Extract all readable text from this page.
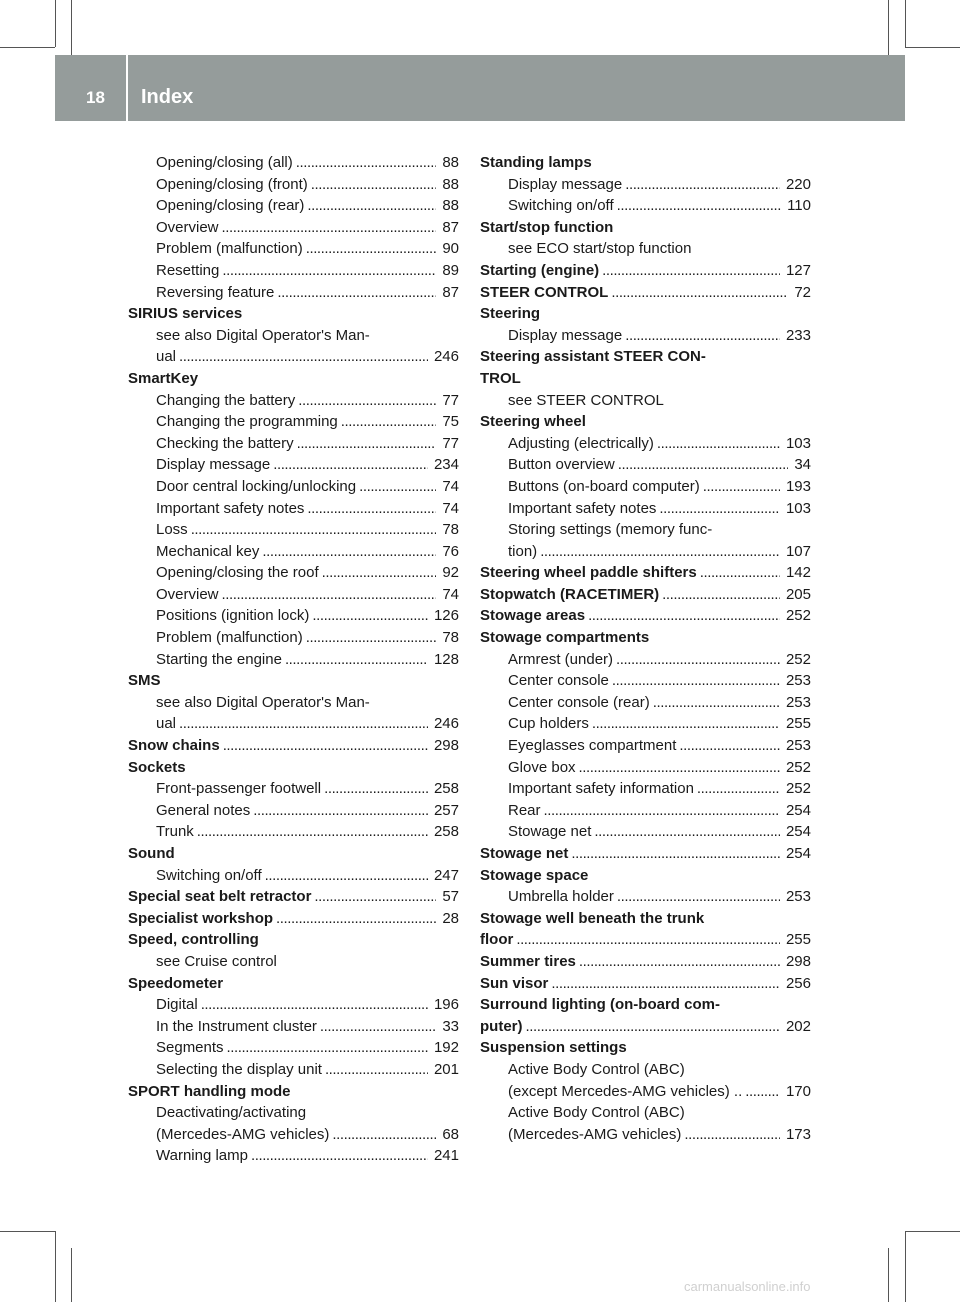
18 Index
Opening/closing (all) . . .	88
Opening/closing (front) . . .	88
Opening/closing (rear) . . .	88
Overview . . .	87
Problem (malfunction) . . .	90
Resetting . . .	89
Reversing feature . . .	87
SIRIUS services
see also Digital Operator's Man-
ual . . .	246
SmartKey
Changing the battery . . .	77
Changing the programming . . .	75
Checking the battery . . .	77
Display message . . .	234
Door central locking/unlocking . . .	74
Important safety notes . . .	74
Loss . . .	78
Mechanical key . . .	76
Opening/closing the roof . . .	92
Overview . . .	74
Positions (ignition lock) . . .	126
Problem (malfunction) . . .	78
Starting the engine . . .	128
SMS
see also Digital Operator's Man-
ual . . .	246
Snow chains . . .	298
Sockets
Front-passenger footwell . . .	258
General notes . . .	257
Trunk . . .	258
Sound
Switching on/off . . .	247
Special seat belt retractor . . .	57
Specialist workshop . . .	28
Speed, controlling
see Cruise control
Speedometer
Digital . . .	196
In the Instrument cluster . . .	33
Segments . . .	192
Selecting the display unit . . .	201
SPORT handling mode
Deactivating/activating
(Mercedes-AMG vehicles) . . .	68
Warning lamp . . .	241
Standing lamps
Display message . . .	220
Switching on/off . . .	110
Start/stop function
see ECO start/stop function
Starting (engine) . . .	127
STEER CONTROL . . .	72
Steering
Display message . . .	233
Steering assistant STEER CON-
TROL
see STEER CONTROL
Steering wheel
Adjusting (electrically) . . .	103
Button overview . . .	34
Buttons (on-board computer) . . .	193
Important safety notes . . .	103
Storing settings (memory func-
tion) . . .	107
Steering wheel paddle shifters . . .	142
Stopwatch (RACETIMER) . . .	205
Stowage areas . . .	252
Stowage compartments
Armrest (under) . . .	252
Center console . . .	253
Center console (rear) . . .	253
Cup holders . . .	255
Eyeglasses compartment . . .	253
Glove box . . .	252
Important safety information . . .	252
Rear . . .	254
Stowage net . . .	254
Stowage net . . .	254
Stowage space
Umbrella holder . . .	253
Stowage well beneath the trunk
floor . . .	255
Summer tires . . .	298
Sun visor . . .	256
Surround lighting (on-board com-
puter) . . .	202
Suspension settings
Active Body Control (ABC)
(except Mercedes-AMG vehicles) .. . . .	170
Active Body Control (ABC)
(Mercedes-AMG vehicles) . . .	173
carmanualsonline.info
